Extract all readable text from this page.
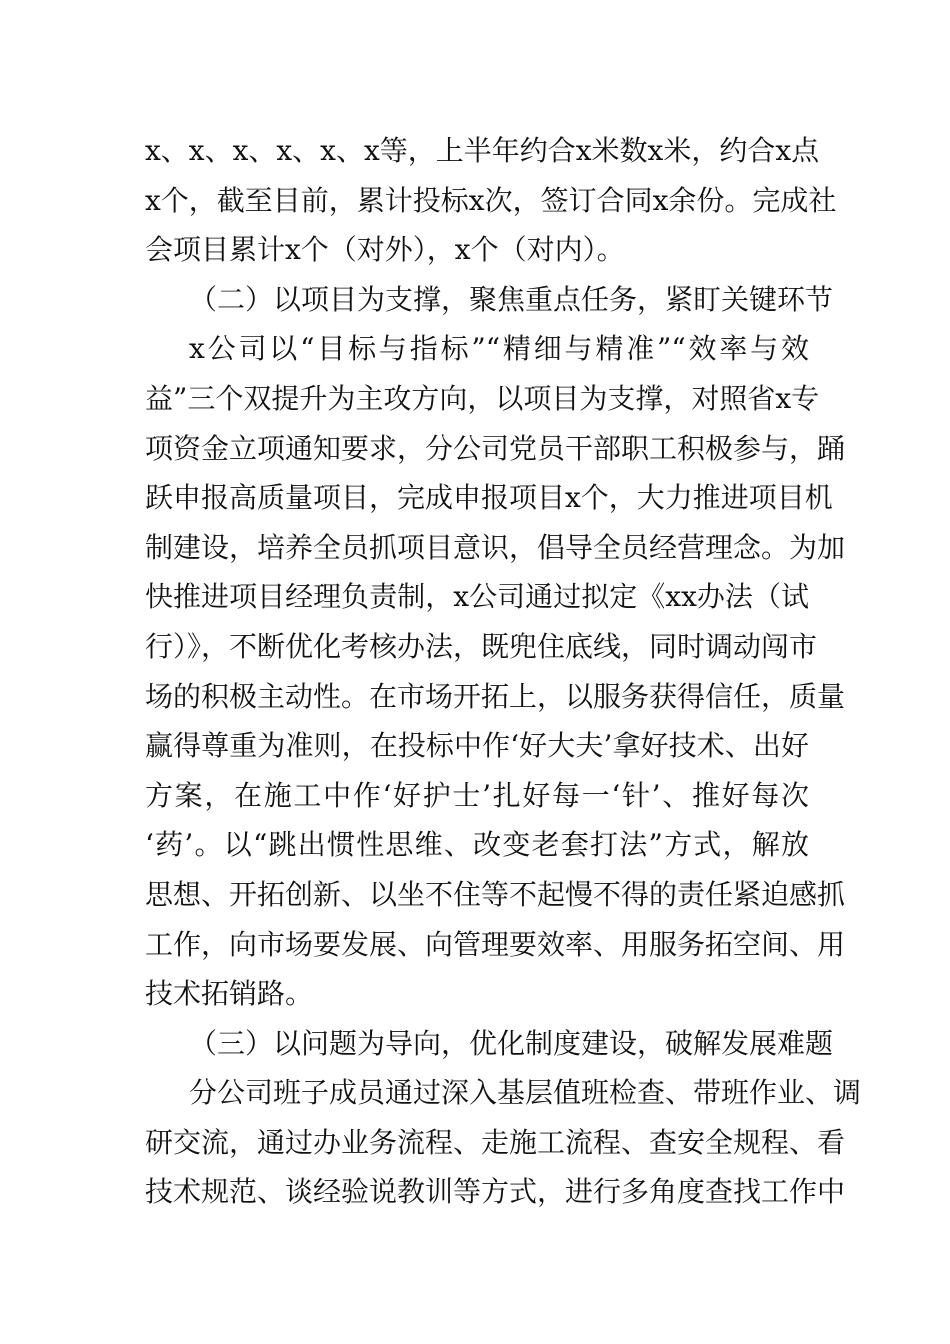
x、x、x、x、x、x等，上半年约合x米数x米，约合x点
x个，截至目前，累计投标x次，签订合同x余份。完成社
会项目累计x个（对外），x个（对内）。
（二）以项目为支撑，聚焦重点任务，紧盯关键环节
x公司以“目标与指标”“精细与精准”“效率与效
益”三个双提升为主攻方向，以项目为支撑，对照省x专
项资金立项通知要求，分公司党员干部职工积极参与，踊
跃申报高质量项目，完成申报项目x个，大力推进项目机
制建设，培养全员抓项目意识，倡导全员经营理念。为加
快推进项目经理负责制，x公司通过拟定《xx办法（试
行）》，不断优化考核办法，既兜住底线，同时调动闯市
场的积极主动性。在市场开拓上，以服务获得信任，质量
赢得尊重为准则，在投标中作‘好大夫’拿好技术、出好
方案，在施工中作‘好护士’扎好每一‘针’、推好每次
‘药’。以“跳出惯性思维、改变老套打法”方式，解放
思想、开拓创新、以坐不住等不起慢不得的责任紧迫感抓
工作，向市场要发展、向管理要效率、用服务拓空间、用
技术拓销路。
（三）以问题为导向，优化制度建设，破解发展难题
分公司班子成员通过深入基层值班检查、带班作业、调
研交流，通过办业务流程、走施工流程、查安全规程、看
技术规范、谈经验说教训等方式，进行多角度查找工作中
